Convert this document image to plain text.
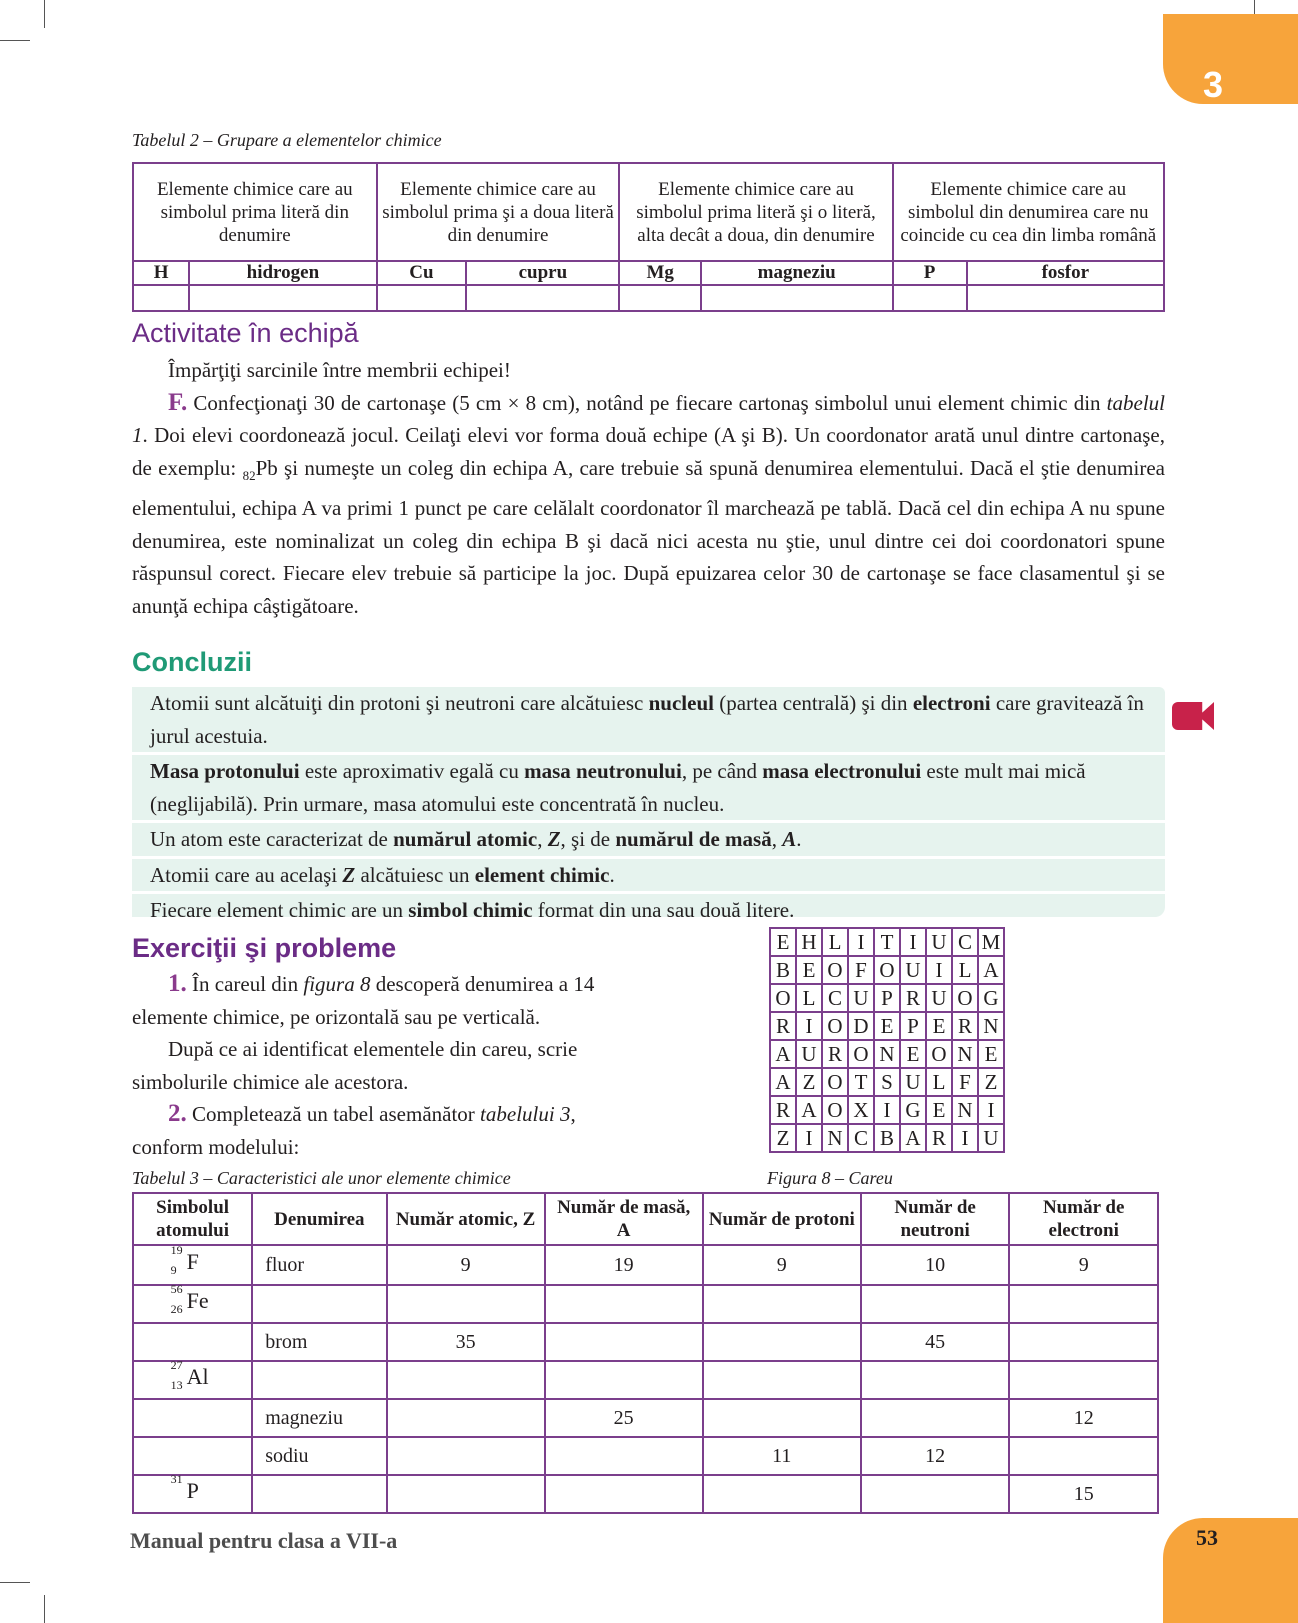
3
Tabelul 2 – Grupare a elementelor chimice
Elemente chimice care au simbolul prima literă din denumire		Elemente chimice care au simbolul prima şi a doua literă din denumire		Elemente chimice care au simbolul prima literă şi o literă, alta decât a doua, din denumire		Elemente chimice care au simbolul din denumirea care nu coincide cu cea din limba română	
H	hidrogen	Cu	cupru	Mg	magneziu	P	fosfor

Activitate în echipă
Împărţiţi sarcinile între membrii echipei!
F. Confecţionaţi 30 de cartonaşe (5 cm × 8 cm), notând pe fiecare cartonaş simbolul unui element chimic din tabelul 1. Doi elevi coordonează jocul. Ceilaţi elevi vor forma două echipe (A şi B). Un coordonator arată unul dintre cartonaşe, de exemplu: $_{82}$Pb şi numeşte un coleg din echipa A, care trebuie să spună denumirea elementului. Dacă el ştie denumirea elementului, echipa A va primi 1 punct pe care celălalt coordonator îl marchează pe tablă. Dacă cel din echipa A nu spune denumirea, este nominalizat un coleg din echipa B şi dacă nici acesta nu ştie, unul dintre cei doi coordonatori spune răspunsul corect. Fiecare elev trebuie să participe la joc. După epuizarea celor 30 de cartonaşe se face clasamentul şi se anunţă echipa câştigătoare.
Concluzii

Atomii sunt alcătuiţi din protoni şi neutroni care alcătuiesc nucleul (partea centrală) şi din electroni care gravitează în jurul acestuia.

Masa protonului este aproximativ egală cu masa neutronului, pe când masa electronului este mult mai mică (neglijabilă). Prin urmare, masa atomului este concentrată în nucleu.

Un atom este caracterizat de numărul atomic, Z, şi de numărul de masă, A.

Atomii care au acelaşi Z alcătuiesc un element chimic.

Fiecare element chimic are un simbol chimic format din una sau două litere.

Exerciţii şi probleme
1. În careul din figura 8 descoperă denumirea a 14 elemente chimice, pe orizontală sau pe verticală.
După ce ai identificat elementele din careu, scrie simbolurile chimice ale acestora.
2. Completează un tabel asemănător tabelului 3, conform modelului:
E	H	L	I	T	I	U	C	M
B	E	O	F	O	U	I	L	A
O	L	C	U	P	R	U	O	G
R	I	O	D	E	P	E	R	N
A	U	R	O	N	E	O	N	E
A	Z	O	T	S	U	L	F	Z
R	A	O	X	I	G	E	N	I
Z	I	N	C	B	A	R	I	U
Figura 8 – Careu
Tabelul 3 – Caracteristici ale unor elemente chimice
Simbolul atomului	Denumirea	Număr atomic, Z	Număr de masă, A	Număr de protoni	Număr de neutroni	Număr de electroni

19
9 F	fluor	9	19	9	10	9

56
26 Fe						

	brom	35			45	

27
13 Al						

	magneziu		25			12

	sodiu			11	12	

31 P						15
Manual pentru clasa a VII-a	53
